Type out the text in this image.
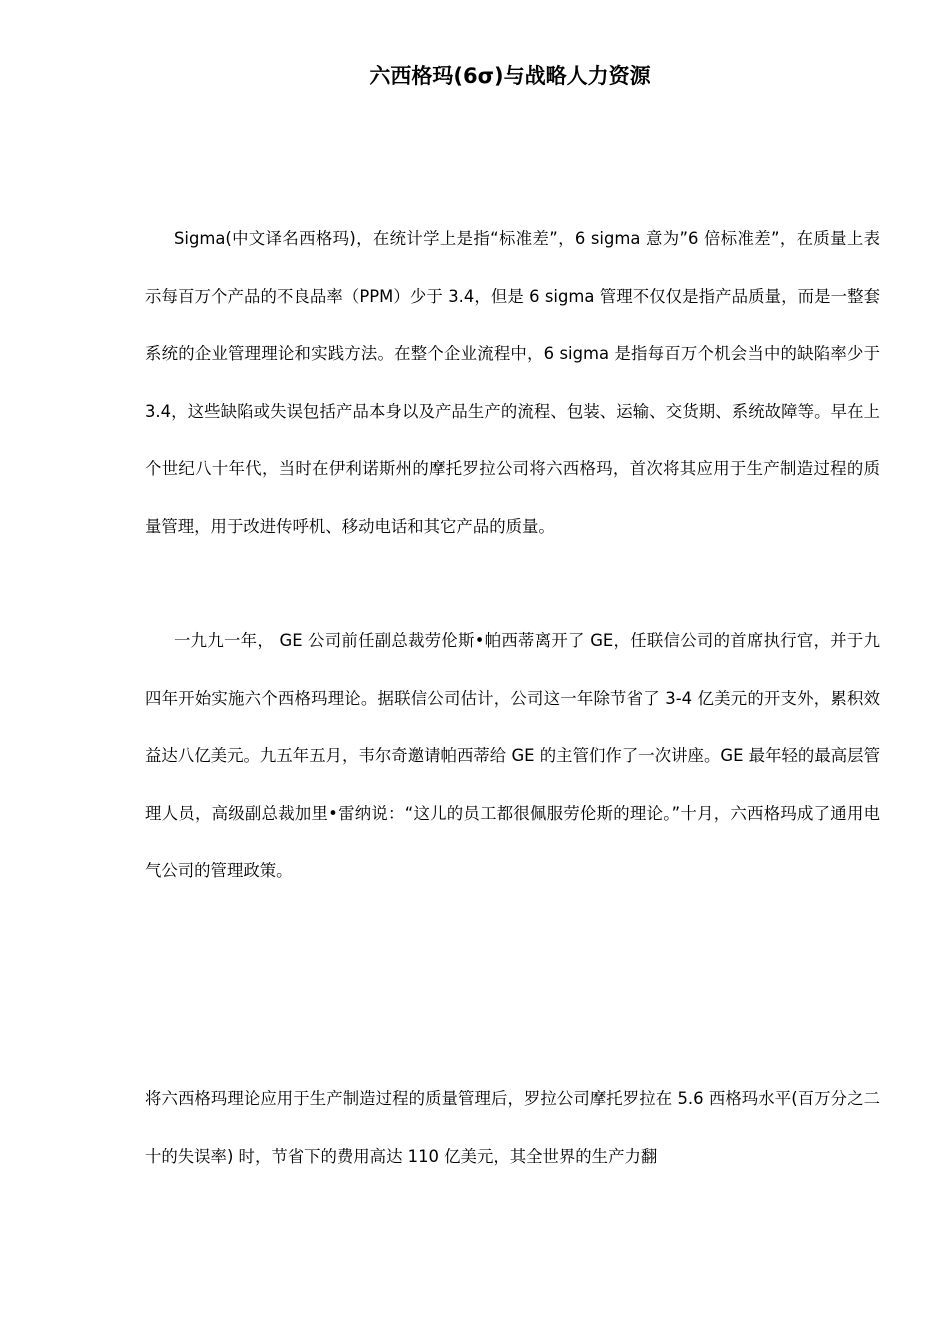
六西格玛(6σ)与战略人力资源

Sigma(中文译名西格玛)，在统计学上是指“标准差”，6 sigma 意为”6 倍标准差”，在质量上表示每百万个产品的不良品率（PPM）少于 3.4，但是 6 sigma 管理不仅仅是指产品质量，而是一整套系统的企业管理理论和实践方法。在整个企业流程中，6 sigma 是指每百万个机会当中的缺陷率少于 3.4，这些缺陷或失误包括产品本身以及产品生产的流程、包装、运输、交货期、系统故障等。早在上个世纪八十年代，当时在伊利诺斯州的摩托罗拉公司将六西格玛，首次将其应用于生产制造过程的质量管理，用于改进传呼机、移动电话和其它产品的质量。

一九九一年， GE 公司前任副总裁劳伦斯•帕西蒂离开了 GE，任联信公司的首席执行官，并于九四年开始实施六个西格玛理论。据联信公司估计，公司这一年除节省了 3-4 亿美元的开支外，累积效益达八亿美元。九五年五月，韦尔奇邀请帕西蒂给 GE 的主管们作了一次讲座。GE 最年轻的最高层管理人员，高级副总裁加里•雷纳说：“这儿的员工都很佩服劳伦斯的理论。”十月，六西格玛成了通用电气公司的管理政策。

将六西格玛理论应用于生产制造过程的质量管理后，罗拉公司摩托罗拉在 5.6 西格玛水平(百万分之二十的失误率) 时，节省下的费用高达 110 亿美元，其全世界的生产力翻
